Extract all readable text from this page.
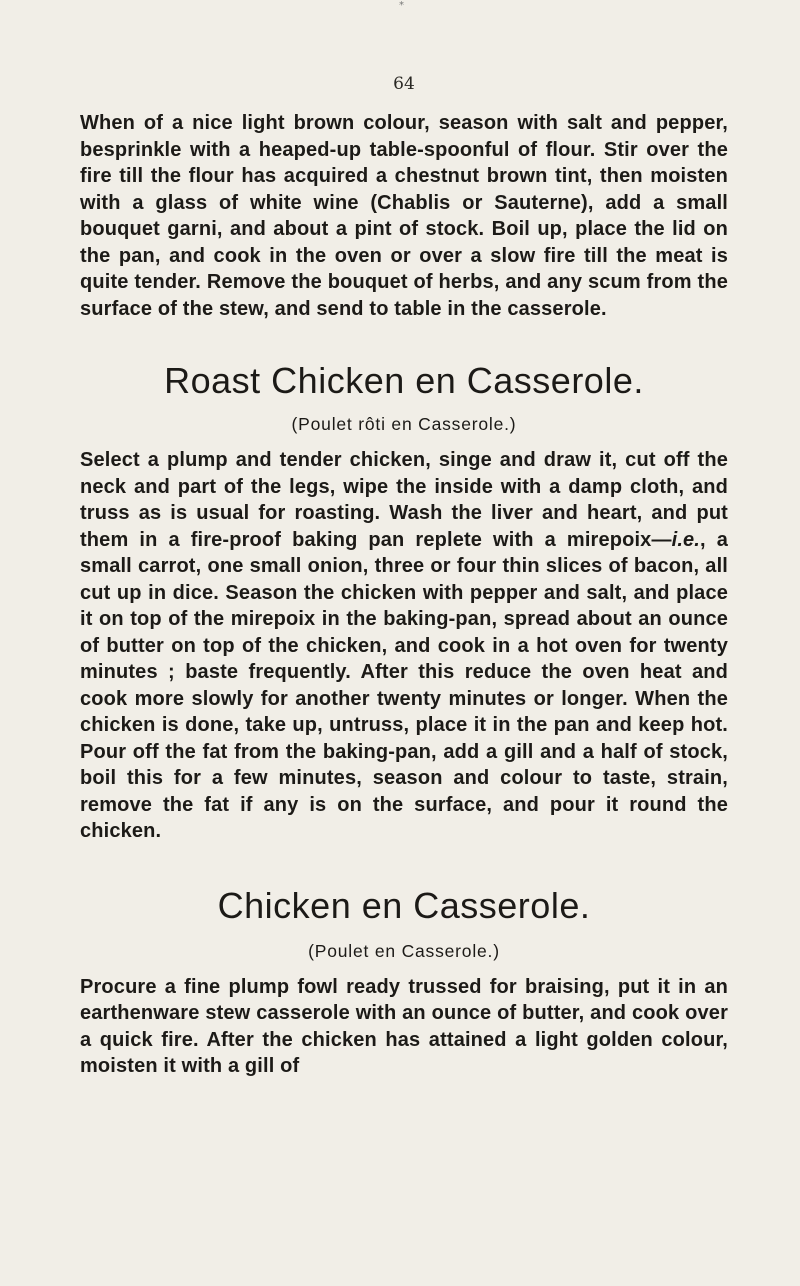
*
64

When of a nice light brown colour, season with salt and pepper, besprinkle with a heaped-up table-spoonful of flour. Stir over the fire till the flour has acquired a chestnut brown tint, then moisten with a glass of white wine (Chablis or Sauterne), add a small bouquet garni, and about a pint of stock. Boil up, place the lid on the pan, and cook in the oven or over a slow fire till the meat is quite tender. Remove the bouquet of herbs, and any scum from the surface of the stew, and send to table in the casserole.

Roast Chicken en Casserole.
(Poulet rôti en Casserole.)

Select a plump and tender chicken, singe and draw it, cut off the neck and part of the legs, wipe the inside with a damp cloth, and truss as is usual for roasting. Wash the liver and heart, and put them in a fire-proof baking pan replete with a mirepoix—i.e., a small carrot, one small onion, three or four thin slices of bacon, all cut up in dice. Season the chicken with pepper and salt, and place it on top of the mirepoix in the baking-pan, spread about an ounce of butter on top of the chicken, and cook in a hot oven for twenty minutes ; baste frequently. After this reduce the oven heat and cook more slowly for another twenty minutes or longer. When the chicken is done, take up, untruss, place it in the pan and keep hot. Pour off the fat from the baking-pan, add a gill and a half of stock, boil this for a few minutes, season and colour to taste, strain, remove the fat if any is on the surface, and pour it round the chicken.

Chicken en Casserole.
(Poulet en Casserole.)

Procure a fine plump fowl ready trussed for braising, put it in an earthenware stew casserole with an ounce of butter, and cook over a quick fire. After the chicken has attained a light golden colour, moisten it with a gill of
